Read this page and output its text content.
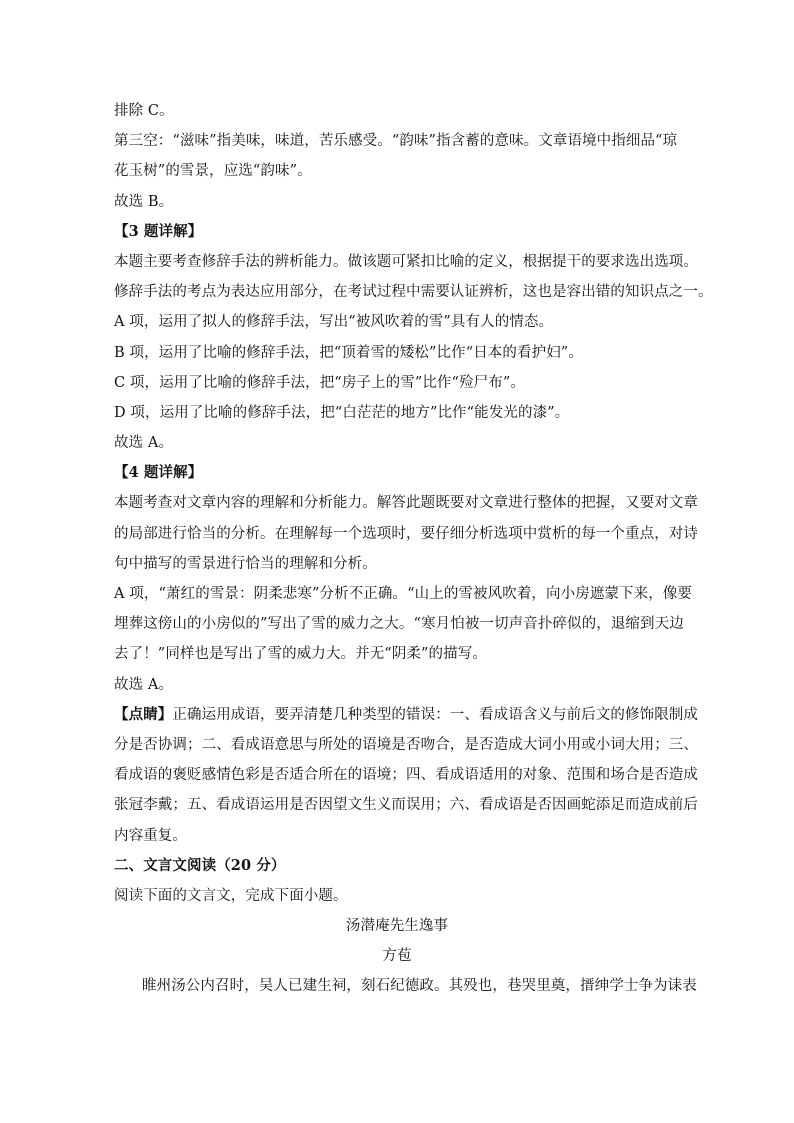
排除 C。
第三空：“滋味”指美味，味道，苦乐感受。“韵味”指含蓄的意味。文章语境中指细品“琼
花玉树”的雪景，应选“韵味”。
故选 B。
【3 题详解】
本题主要考查修辞手法的辨析能力。做该题可紧扣比喻的定义，根据提干的要求选出选项。
修辞手法的考点为表达应用部分，在考试过程中需要认证辨析，这也是容出错的知识点之一。
A 项，运用了拟人的修辞手法，写出“被风吹着的雪”具有人的情态。
B 项，运用了比喻的修辞手法，把“顶着雪的矮松”比作“日本的看护妇”。
C 项，运用了比喻的修辞手法，把“房子上的雪”比作“殓尸布”。
D 项，运用了比喻的修辞手法，把“白茫茫的地方”比作“能发光的漆”。
故选 A。
【4 题详解】
本题考查对文章内容的理解和分析能力。解答此题既要对文章进行整体的把握，又要对文章
的局部进行恰当的分析。在理解每一个选项时，要仔细分析选项中赏析的每一个重点，对诗
句中描写的雪景进行恰当的理解和分析。
A 项，“萧红的雪景：阴柔悲寒”分析不正确。“山上的雪被风吹着，向小房遮蒙下来，像要
埋葬这傍山的小房似的”写出了雪的威力之大。“寒月怕被一切声音扑碎似的，退缩到天边
去了！”同样也是写出了雪的威力大。并无“阴柔”的描写。
故选 A。
【点睛】正确运用成语，要弄清楚几种类型的错误：一、看成语含义与前后文的修饰限制成
分是否协调；二、看成语意思与所处的语境是否吻合，是否造成大词小用或小词大用；三、
看成语的褒贬感情色彩是否适合所在的语境；四、看成语适用的对象、范围和场合是否造成
张冠李戴；五、看成语运用是否因望文生义而误用；六、看成语是否因画蛇添足而造成前后
内容重复。
二、文言文阅读（20 分）
阅读下面的文言文，完成下面小题。
汤潜庵先生逸事
方苞
睢州汤公内召时，吴人已建生祠，刻石纪德政。其殁也，巷哭里奠，搢绅学士争为诔表
